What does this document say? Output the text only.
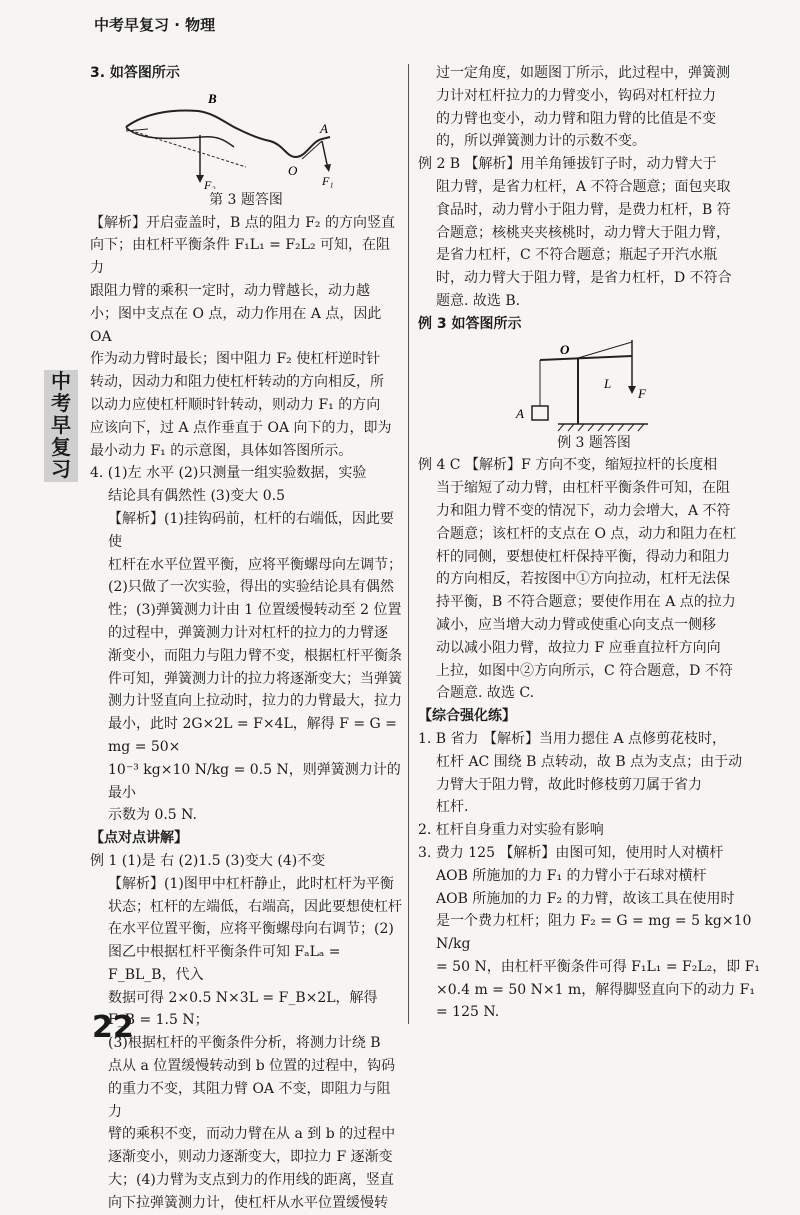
中考早复习 · 物理
中
考
早
复
习

3. 如答图所示

B
A
O
F₁
F₂

第 3 题答图

【解析】开启壶盖时，B 点的阻力 F₂ 的方向竖直

向下；由杠杆平衡条件 F₁L₁ = F₂L₂ 可知，在阻力

跟阻力臂的乘积一定时，动力臂越长，动力越

小；图中支点在 O 点，动力作用在 A 点，因此 OA

作为动力臂时最长；图中阻力 F₂ 使杠杆逆时针

转动，因动力和阻力使杠杆转动的方向相反，所

以动力应使杠杆顺时针转动，则动力 F₁ 的方向

应该向下，过 A 点作垂直于 OA 向下的力，即为

最小动力 F₁ 的示意图，具体如答图所示。

4. (1)左 水平 (2)只测量一组实验数据，实验

结论具有偶然性 (3)变大 0.5

【解析】(1)挂钩码前，杠杆的右端低，因此要使

杠杆在水平位置平衡，应将平衡螺母向左调节；

(2)只做了一次实验，得出的实验结论具有偶然

性；(3)弹簧测力计由 1 位置缓慢转动至 2 位置

的过程中，弹簧测力计对杠杆的拉力的力臂逐

渐变小，而阻力与阻力臂不变，根据杠杆平衡条

件可知，弹簧测力计的拉力将逐渐变大；当弹簧

测力计竖直向上拉动时，拉力的力臂最大，拉力

最小，此时 2G×2L = F×4L，解得 F = G = mg = 50×

10⁻³ kg×10 N/kg = 0.5 N，则弹簧测力计的最小

示数为 0.5 N.

【点对点讲解】

例 1 (1)是 右 (2)1.5 (3)变大 (4)不变

【解析】(1)图甲中杠杆静止，此时杠杆为平衡

状态；杠杆的左端低，右端高，因此要想使杠杆

在水平位置平衡，应将平衡螺母向右调节；(2)

图乙中根据杠杆平衡条件可知 FₐLₐ = F_BL_B，代入

数据可得 2×0.5 N×3L = F_B×2L，解得 F_B = 1.5 N；

(3)根据杠杆的平衡条件分析，将测力计绕 B

点从 a 位置缓慢转动到 b 位置的过程中，钩码

的重力不变，其阻力臂 OA 不变，即阻力与阻力

臂的乘积不变，而动力臂在从 a 到 b 的过程中

逐渐变小，则动力逐渐变大，即拉力 F 逐渐变

大；(4)力臂为支点到力的作用线的距离，竖直

向下拉弹簧测力计，使杠杆从水平位置缓慢转

过一定角度，如题图丁所示，此过程中，弹簧测

力计对杠杆拉力的力臂变小，钩码对杠杆拉力

的力臂也变小，动力臂和阻力臂的比值是不变

的，所以弹簧测力计的示数不变。

例 2 B 【解析】用羊角锤拔钉子时，动力臂大于

阻力臂，是省力杠杆，A 不符合题意；面包夹取

食品时，动力臂小于阻力臂，是费力杠杆，B 符

合题意；核桃夹夹核桃时，动力臂大于阻力臂，

是省力杠杆，C 不符合题意；瓶起子开汽水瓶

时，动力臂大于阻力臂，是省力杠杆，D 不符合

题意. 故选 B.

例 3 如答图所示

O
L
F
A

例 3 题答图

例 4 C 【解析】F 方向不变，缩短拉杆的长度相

当于缩短了动力臂，由杠杆平衡条件可知，在阻

力和阻力臂不变的情况下，动力会增大，A 不符

合题意；该杠杆的支点在 O 点，动力和阻力在杠

杆的同侧，要想使杠杆保持平衡，得动力和阻力

的方向相反，若按图中①方向拉动，杠杆无法保

持平衡，B 不符合题意；要使作用在 A 点的拉力

减小，应当增大动力臂或使重心向支点一侧移

动以减小阻力臂，故拉力 F 应垂直拉杆方向向

上拉，如图中②方向所示，C 符合题意，D 不符

合题意. 故选 C.

【综合强化练】

1. B 省力 【解析】当用力摁住 A 点修剪花枝时，

杠杆 AC 围绕 B 点转动，故 B 点为支点；由于动

力臂大于阻力臂，故此时修枝剪刀属于省力

杠杆.

2. 杠杆自身重力对实验有影响

3. 费力 125 【解析】由图可知，使用时人对横杆

AOB 所施加的力 F₁ 的力臂小于石球对横杆

AOB 所施加的力 F₂ 的力臂，故该工具在使用时

是一个费力杠杆；阻力 F₂ = G = mg = 5 kg×10 N/kg

= 50 N，由杠杆平衡条件可得 F₁L₁ = F₂L₂，即 F₁

×0.4 m = 50 N×1 m，解得脚竖直向下的动力 F₁

= 125 N.

22
